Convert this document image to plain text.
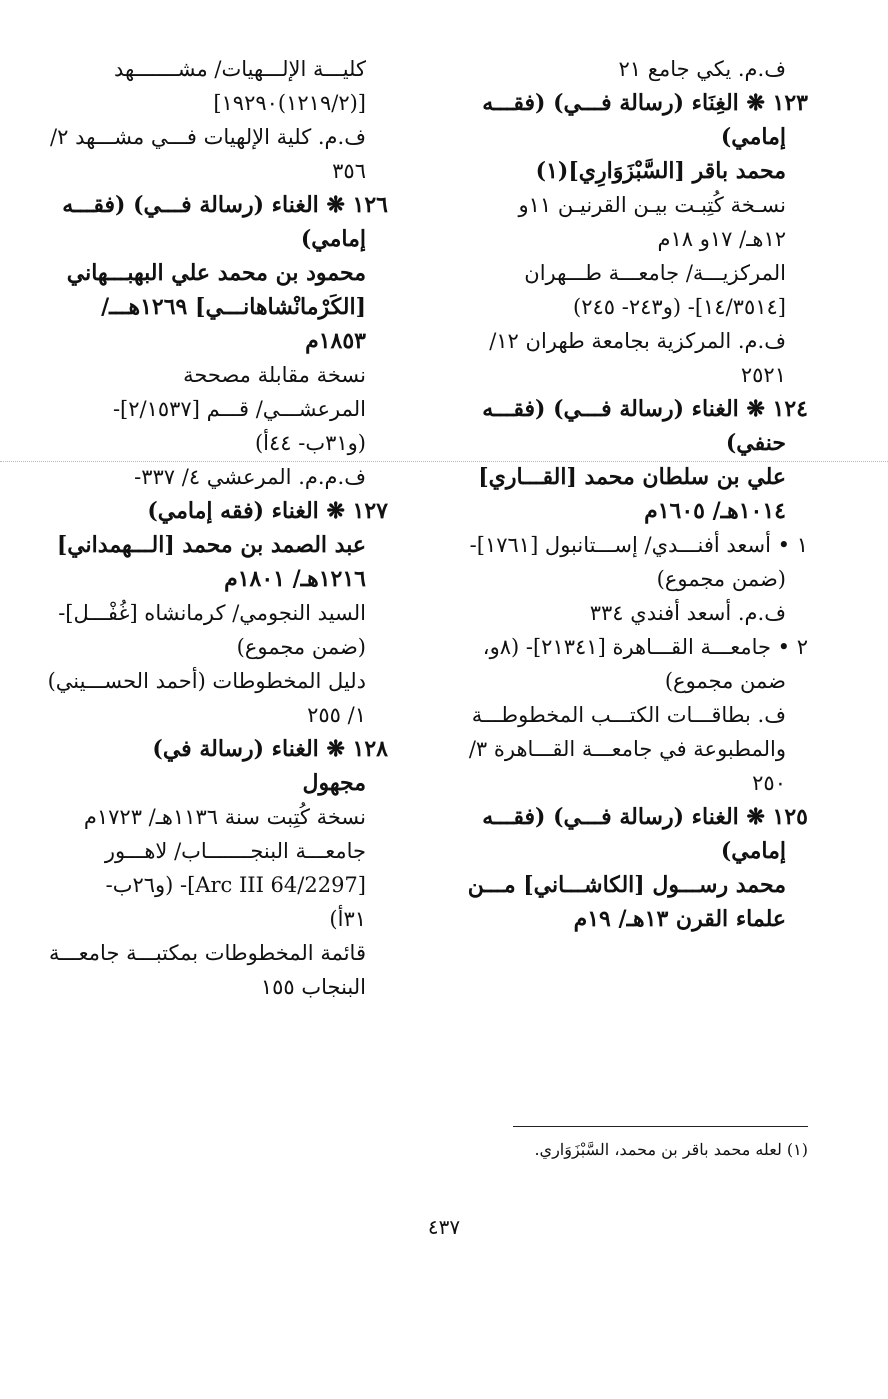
ف.م. يكي جامع ٢١
١٢٣ ❋ الغِنَاء (رسالة فـــي) (فقـــه
إمامي)
محمد باقر [السَّبْزَوَارِي](١)
نسـخة كُتِبـت بيـن القرنيـن ١١و
١٢هـ/ ١٧و ١٨م
المركزيـــة/ جامعـــة طـــهران
[١٤/٣٥١٤]- (و٢٤٣- ٢٤٥)
ف.م. المركزية بجامعة طهران ١٢/
٢٥٢١
١٢٤ ❋ الغناء (رسالة فـــي) (فقـــه
حنفي)
علي بن سلطان محمد [القـــاري]
١٠١٤هـ/ ١٦٠٥م
١ • أسعد أفنـــدي/ إســـتانبول [١٧٦١]-
(ضمن مجموع)
ف.م. أسعد أفندي ٣٣٤
٢ • جامعـــة القـــاهرة [٢١٣٤١]- (٨و،
ضمن مجموع)
ف. بطاقـــات الكتـــب المخطوطـــة
والمطبوعة في جامعـــة القـــاهرة ٣/
٢٥٠
١٢٥ ❋ الغناء (رسالة فـــي) (فقـــه
إمامي)
محمد رســـول [الكاشـــاني] مـــن
علماء القرن ١٣هـ/ ١٩م
كليـــة الإلـــهيات/ مشـــــــهد
[(١٢١٩/٢)١٩٢٩٠]
ف.م. كلية الإلهيات فـــي مشـــهد ٢/
٣٥٦
١٢٦ ❋ الغناء (رسالة فـــي) (فقـــه
إمامي)
محمود بن محمد علي البهبـــهاني
[الكَرْمانْشاهانـــي] ١٢٦٩هـــ/
١٨٥٣م
نسخة مقابلة مصححة
المرعشـــي/ قـــم [٢/١٥٣٧]-
(و٣١ب- ٤٤أ)
ف.م.م. المرعشي ٤/ ٣٣٧-
١٢٧ ❋ الغناء (فقه إمامي)
عبد الصمد بن محمد [الـــهمداني]
١٢١٦هـ/ ١٨٠١م
السيد النجومي/ كرمانشاه [غُفْـــل]-
(ضمن مجموع)
دليل المخطوطات (أحمد الحســـيني)
١/ ٢٥٥
١٢٨ ❋ الغناء (رسالة في)
مجهول
نسخة كُتِبت سنة ١١٣٦هـ/ ١٧٢٣م
جامعـــة البنجـــــــاب/ لاهـــور
[Arc III 64/2297]- (و٢٦ب-
٣١أ)
قائمة المخطوطات بمكتبـــة جامعـــة
البنجاب ١٥٥
(١) لعله محمد باقر بن محمد، السَّبْزَوَاري.
٤٣٧
